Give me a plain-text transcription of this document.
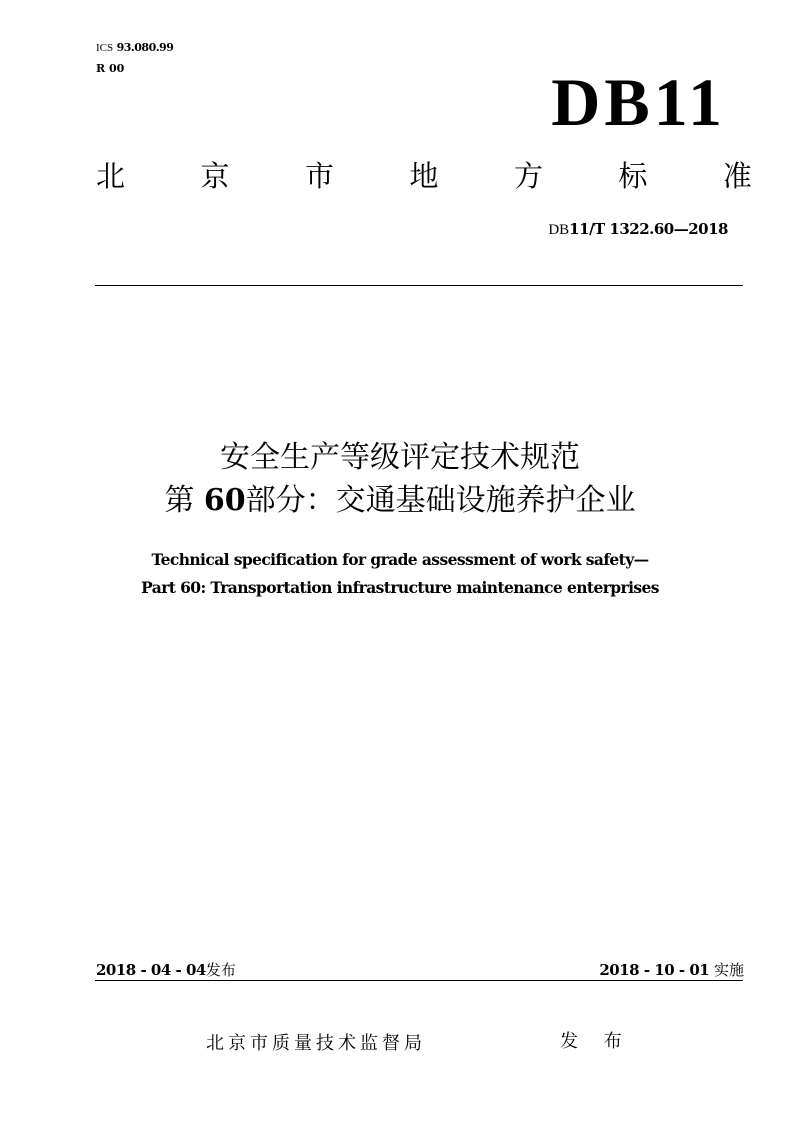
ICS 93.080.99
R 00	DB11
北	京	市	地	方	标	准
DB11/T 1322.60—2018
安全生产等级评定技术规范
第 60部分：交通基础设施养护企业
Technical specification for grade assessment of work safety—
Part 60: Transportation infrastructure maintenance enterprises
2018 - 04 - 04发布	2018 - 10 - 01 实施
北京市质量技术监督局	发 布
